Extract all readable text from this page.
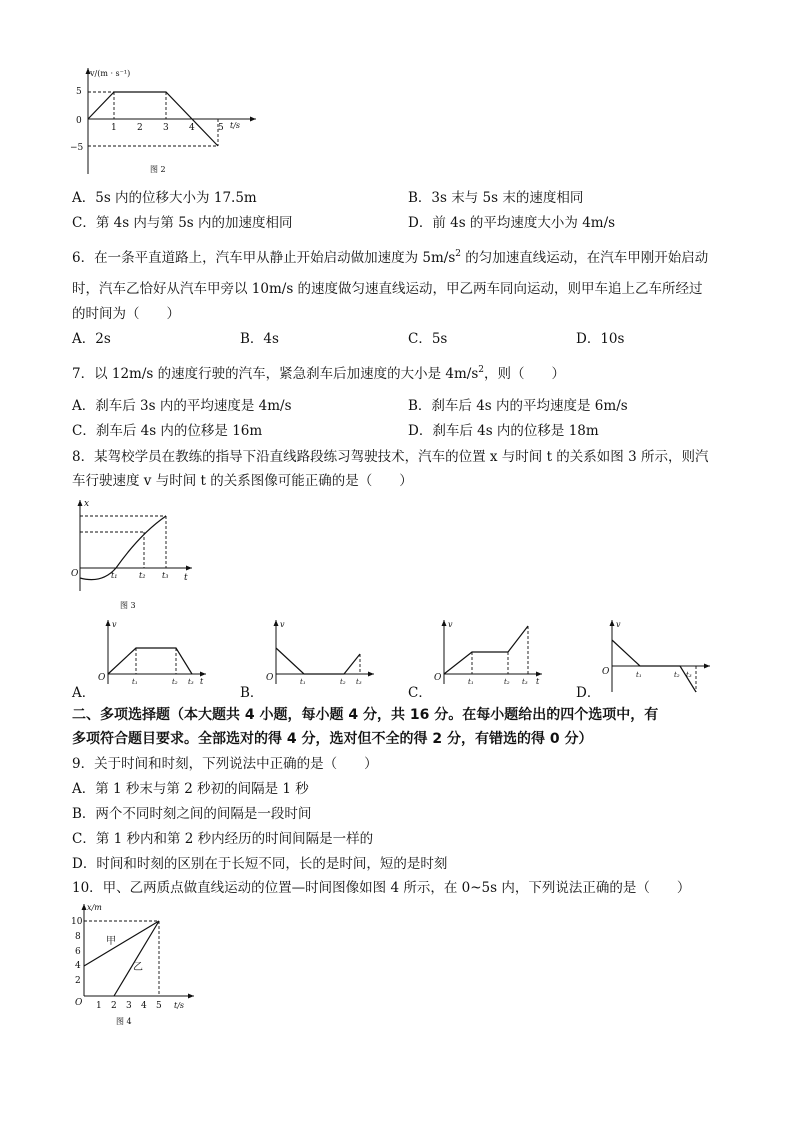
v/(m · s⁻¹)
t/s
5
0
−5
1 2 3 4	5
图 2
A．5s 内的位移大小为 17.5m	B．3s 末与 5s 末的速度相同
C．第 4s 内与第 5s 内的加速度相同	D．前 4s 的平均速度大小为 4m/s
6．在一条平直道路上，汽车甲从静止开始启动做加速度为 $5m/s^2$ 的匀加速直线运动，在汽车甲刚开始启动
时，汽车乙恰好从汽车甲旁以 10m/s 的速度做匀速直线运动，甲乙两车同向运动，则甲车追上乙车所经过
的时间为（　　）
A．2s	B．4s	C．5s	D．10s
7．以 12m/s 的速度行驶的汽车，紧急刹车后加速度的大小是 $4m/s^2$，则（　　）
A．刹车后 3s 内的平均速度是 4m/s	B．刹车后 4s 内的平均速度是 6m/s
C．刹车后 4s 内的位移是 16m	D．刹车后 4s 内的位移是 18m
8．某驾校学员在教练的指导下沿直线路段练习驾驶技术，汽车的位置 x 与时间 t 的关系如图 3 所示，则汽
车行驶速度 v 与时间 t 的关系图像可能正确的是（　　）
x
t
O	t₁	t₂ t₃
图 3
A．
v
O	t₁	t₂ t₃ t
B．
v
O	t₁	t₂ t₃
C．
v
O	t₁	t₂ t₃ t
D．
v
O	t₁	t₂ t₃
二、多项选择题（本大题共 4 小题，每小题 4 分，共 16 分。在每小题给出的四个选项中，有
多项符合题目要求。全部选对的得 4 分，选对但不全的得 2 分，有错选的得 0 分）
9．关于时间和时刻，下列说法中正确的是（　　）
A．第 1 秒末与第 2 秒初的间隔是 1 秒
B．两个不同时刻之间的间隔是一段时间
C．第 1 秒内和第 2 秒内经历的时间间隔是一样的
D．时间和时刻的区别在于长短不同，长的是时间，短的是时刻
10．甲、乙两质点做直线运动的位置—时间图像如图 4 所示，在 0~5s 内，下列说法正确的是（　　）
x/m
t/s
O
10
8
6
4
2
1 2 3 4 5
甲
乙
图 4
